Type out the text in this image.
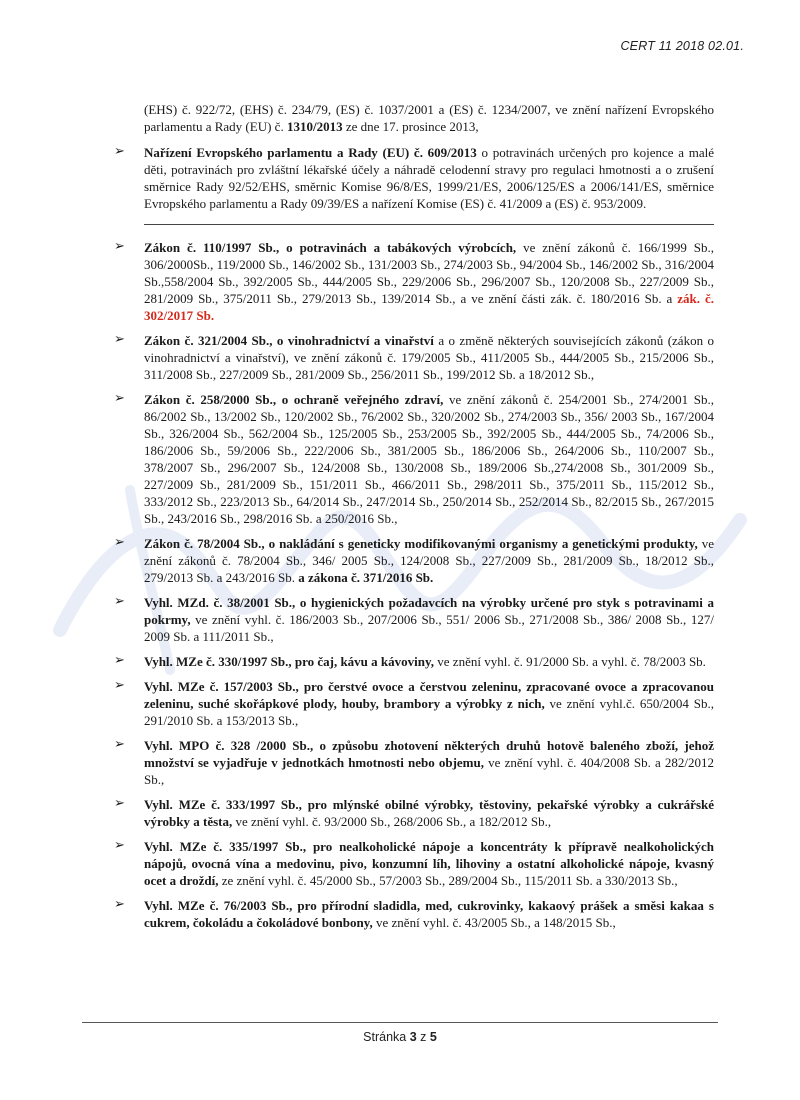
CERT 11 2018 02.01.
(EHS) č. 922/72, (EHS) č. 234/79, (ES) č. 1037/2001 a (ES) č. 1234/2007, ve znění nařízení Evropského parlamentu a Rady (EU) č. 1310/2013 ze dne 17. prosince 2013,
➢ Nařízení Evropského parlamentu a Rady (EU) č. 609/2013 o potravinách určených pro kojence a malé děti, potravinách pro zvláštní lékařské účely a náhradě celodenní stravy pro regulaci hmotnosti a o zrušení směrnice Rady 92/52/EHS, směrnic Komise 96/8/ES, 1999/21/ES, 2006/125/ES a 2006/141/ES, směrnice Evropského parlamentu a Rady 09/39/ES a nařízení Komise (ES) č. 41/2009 a (ES) č. 953/2009.
➢ Zákon č. 110/1997 Sb., o potravinách a tabákových výrobcích, ve znění zákonů č. 166/1999 Sb., 306/2000Sb., 119/2000 Sb., 146/2002 Sb., 131/2003 Sb., 274/2003 Sb., 94/2004 Sb., 146/2002 Sb., 316/2004 Sb.,558/2004 Sb., 392/2005 Sb., 444/2005 Sb., 229/2006 Sb., 296/2007 Sb., 120/2008 Sb., 227/2009 Sb., 281/2009 Sb., 375/2011 Sb., 279/2013 Sb., 139/2014 Sb., a ve znění části zák. č. 180/2016 Sb. a zák. č. 302/2017 Sb.
➢ Zákon č. 321/2004 Sb., o vinohradnictví a vinařství a o změně některých souvisejících zákonů (zákon o vinohradnictví a vinařství), ve znění zákonů č. 179/2005 Sb., 411/2005 Sb., 444/2005 Sb., 215/2006 Sb., 311/2008 Sb., 227/2009 Sb., 281/2009 Sb., 256/2011 Sb., 199/2012 Sb. a 18/2012 Sb.,
➢ Zákon č. 258/2000 Sb., o ochraně veřejného zdraví, ve znění zákonů č. 254/2001 Sb., 274/2001 Sb., 86/2002 Sb., 13/2002 Sb., 120/2002 Sb., 76/2002 Sb., 320/2002 Sb., 274/2003 Sb., 356/ 2003 Sb., 167/2004 Sb., 326/2004 Sb., 562/2004 Sb., 125/2005 Sb., 253/2005 Sb., 392/2005 Sb., 444/2005 Sb., 74/2006 Sb., 186/2006 Sb., 59/2006 Sb., 222/2006 Sb., 381/2005 Sb., 186/2006 Sb., 264/2006 Sb., 110/2007 Sb., 378/2007 Sb., 296/2007 Sb., 124/2008 Sb., 130/2008 Sb., 189/2006 Sb.,274/2008 Sb., 301/2009 Sb., 227/2009 Sb., 281/2009 Sb., 151/2011 Sb., 466/2011 Sb., 298/2011 Sb., 375/2011 Sb., 115/2012 Sb., 333/2012 Sb., 223/2013 Sb., 64/2014 Sb., 247/2014 Sb., 250/2014 Sb., 252/2014 Sb., 82/2015 Sb., 267/2015 Sb., 243/2016 Sb., 298/2016 Sb. a 250/2016 Sb.,
➢ Zákon č. 78/2004 Sb., o nakládání s geneticky modifikovanými organismy a genetickými produkty, ve znění zákonů č. 78/2004 Sb., 346/ 2005 Sb., 124/2008 Sb., 227/2009 Sb., 281/2009 Sb., 18/2012 Sb., 279/2013 Sb. a 243/2016 Sb. a zákona č. 371/2016 Sb.
➢ Vyhl. MZd. č. 38/2001 Sb., o hygienických požadavcích na výrobky určené pro styk s potravinami a pokrmy, ve znění vyhl. č. 186/2003 Sb., 207/2006 Sb., 551/ 2006 Sb., 271/2008 Sb., 386/ 2008 Sb., 127/ 2009 Sb. a 111/2011 Sb.,
➢ Vyhl. MZe č. 330/1997 Sb., pro čaj, kávu a kávoviny, ve znění vyhl. č. 91/2000 Sb. a vyhl. č. 78/2003 Sb.
➢ Vyhl. MZe č. 157/2003 Sb., pro čerstvé ovoce a čerstvou zeleninu, zpracované ovoce a zpracovanou zeleninu, suché skořápkové plody, houby, brambory a výrobky z nich, ve znění vyhl.č. 650/2004 Sb., 291/2010 Sb. a 153/2013 Sb.,
➢ Vyhl. MPO č. 328 /2000 Sb., o způsobu zhotovení některých druhů hotově baleného zboží, jehož množství se vyjadřuje v jednotkách hmotnosti nebo objemu, ve znění vyhl. č. 404/2008 Sb. a 282/2012 Sb.,
➢ Vyhl. MZe č. 333/1997 Sb., pro mlýnské obilné výrobky, těstoviny, pekařské výrobky a cukrářské výrobky a těsta, ve znění vyhl. č. 93/2000 Sb., 268/2006 Sb., a 182/2012 Sb.,
➢ Vyhl. MZe č. 335/1997 Sb., pro nealkoholické nápoje a koncentráty k přípravě nealkoholických nápojů, ovocná vína a medovinu, pivo, konzumní líh, lihoviny a ostatní alkoholické nápoje, kvasný ocet a droždí, ze znění vyhl. č. 45/2000 Sb., 57/2003 Sb., 289/2004 Sb., 115/2011 Sb. a 330/2013 Sb.,
➢ Vyhl. MZe č. 76/2003 Sb., pro přírodní sladidla, med, cukrovinky, kakaový prášek a směsi kakaa s cukrem, čokoládu a čokoládové bonbony, ve znění vyhl. č. 43/2005 Sb., a 148/2015 Sb.,
Stránka 3 z 5
